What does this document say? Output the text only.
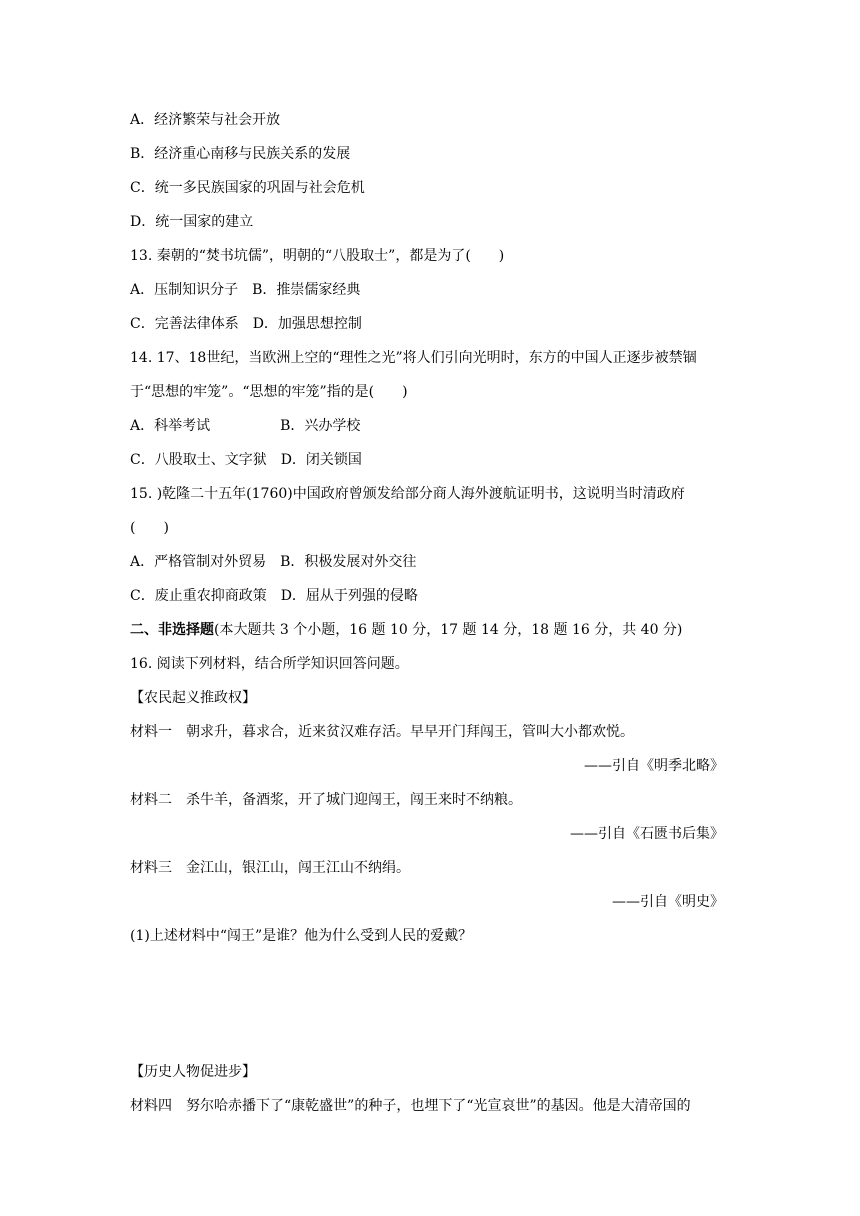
A．经济繁荣与社会开放
B．经济重心南移与民族关系的发展
C．统一多民族国家的巩固与社会危机
D．统一国家的建立
13. 秦朝的“焚书坑儒”，明朝的“八股取士”，都是为了(　　)
A．压制知识分子　B．推崇儒家经典
C．完善法律体系　D．加强思想控制
14. 17、18世纪，当欧洲上空的“理性之光”将人们引向光明时，东方的中国人正逐步被禁锢
于“思想的牢笼”。“思想的牢笼”指的是(　　)
A．科举考试　　　　　B．兴办学校
C．八股取士、文字狱　D．闭关锁国
15. )乾隆二十五年(1760)中国政府曾颁发给部分商人海外渡航证明书，这说明当时清政府
(　　)
A．严格管制对外贸易　B．积极发展对外交往
C．废止重农抑商政策　D．屈从于列强的侵略
二、非选择题(本大题共 3 个小题，16 题 10 分，17 题 14 分，18 题 16 分，共 40 分)
16. 阅读下列材料，结合所学知识回答问题。
【农民起义推政权】
材料一　朝求升，暮求合，近来贫汉难存活。早早开门拜闯王，管叫大小都欢悦。
——引自《明季北略》
材料二　杀牛羊，备酒浆，开了城门迎闯王，闯王来时不纳粮。
——引自《石匮书后集》
材料三　金江山，银江山，闯王江山不纳绢。
——引自《明史》
(1)上述材料中“闯王”是谁？他为什么受到人民的爱戴？
【历史人物促进步】
材料四　努尔哈赤播下了“康乾盛世”的种子，也埋下了“光宣哀世”的基因。他是大清帝国的
